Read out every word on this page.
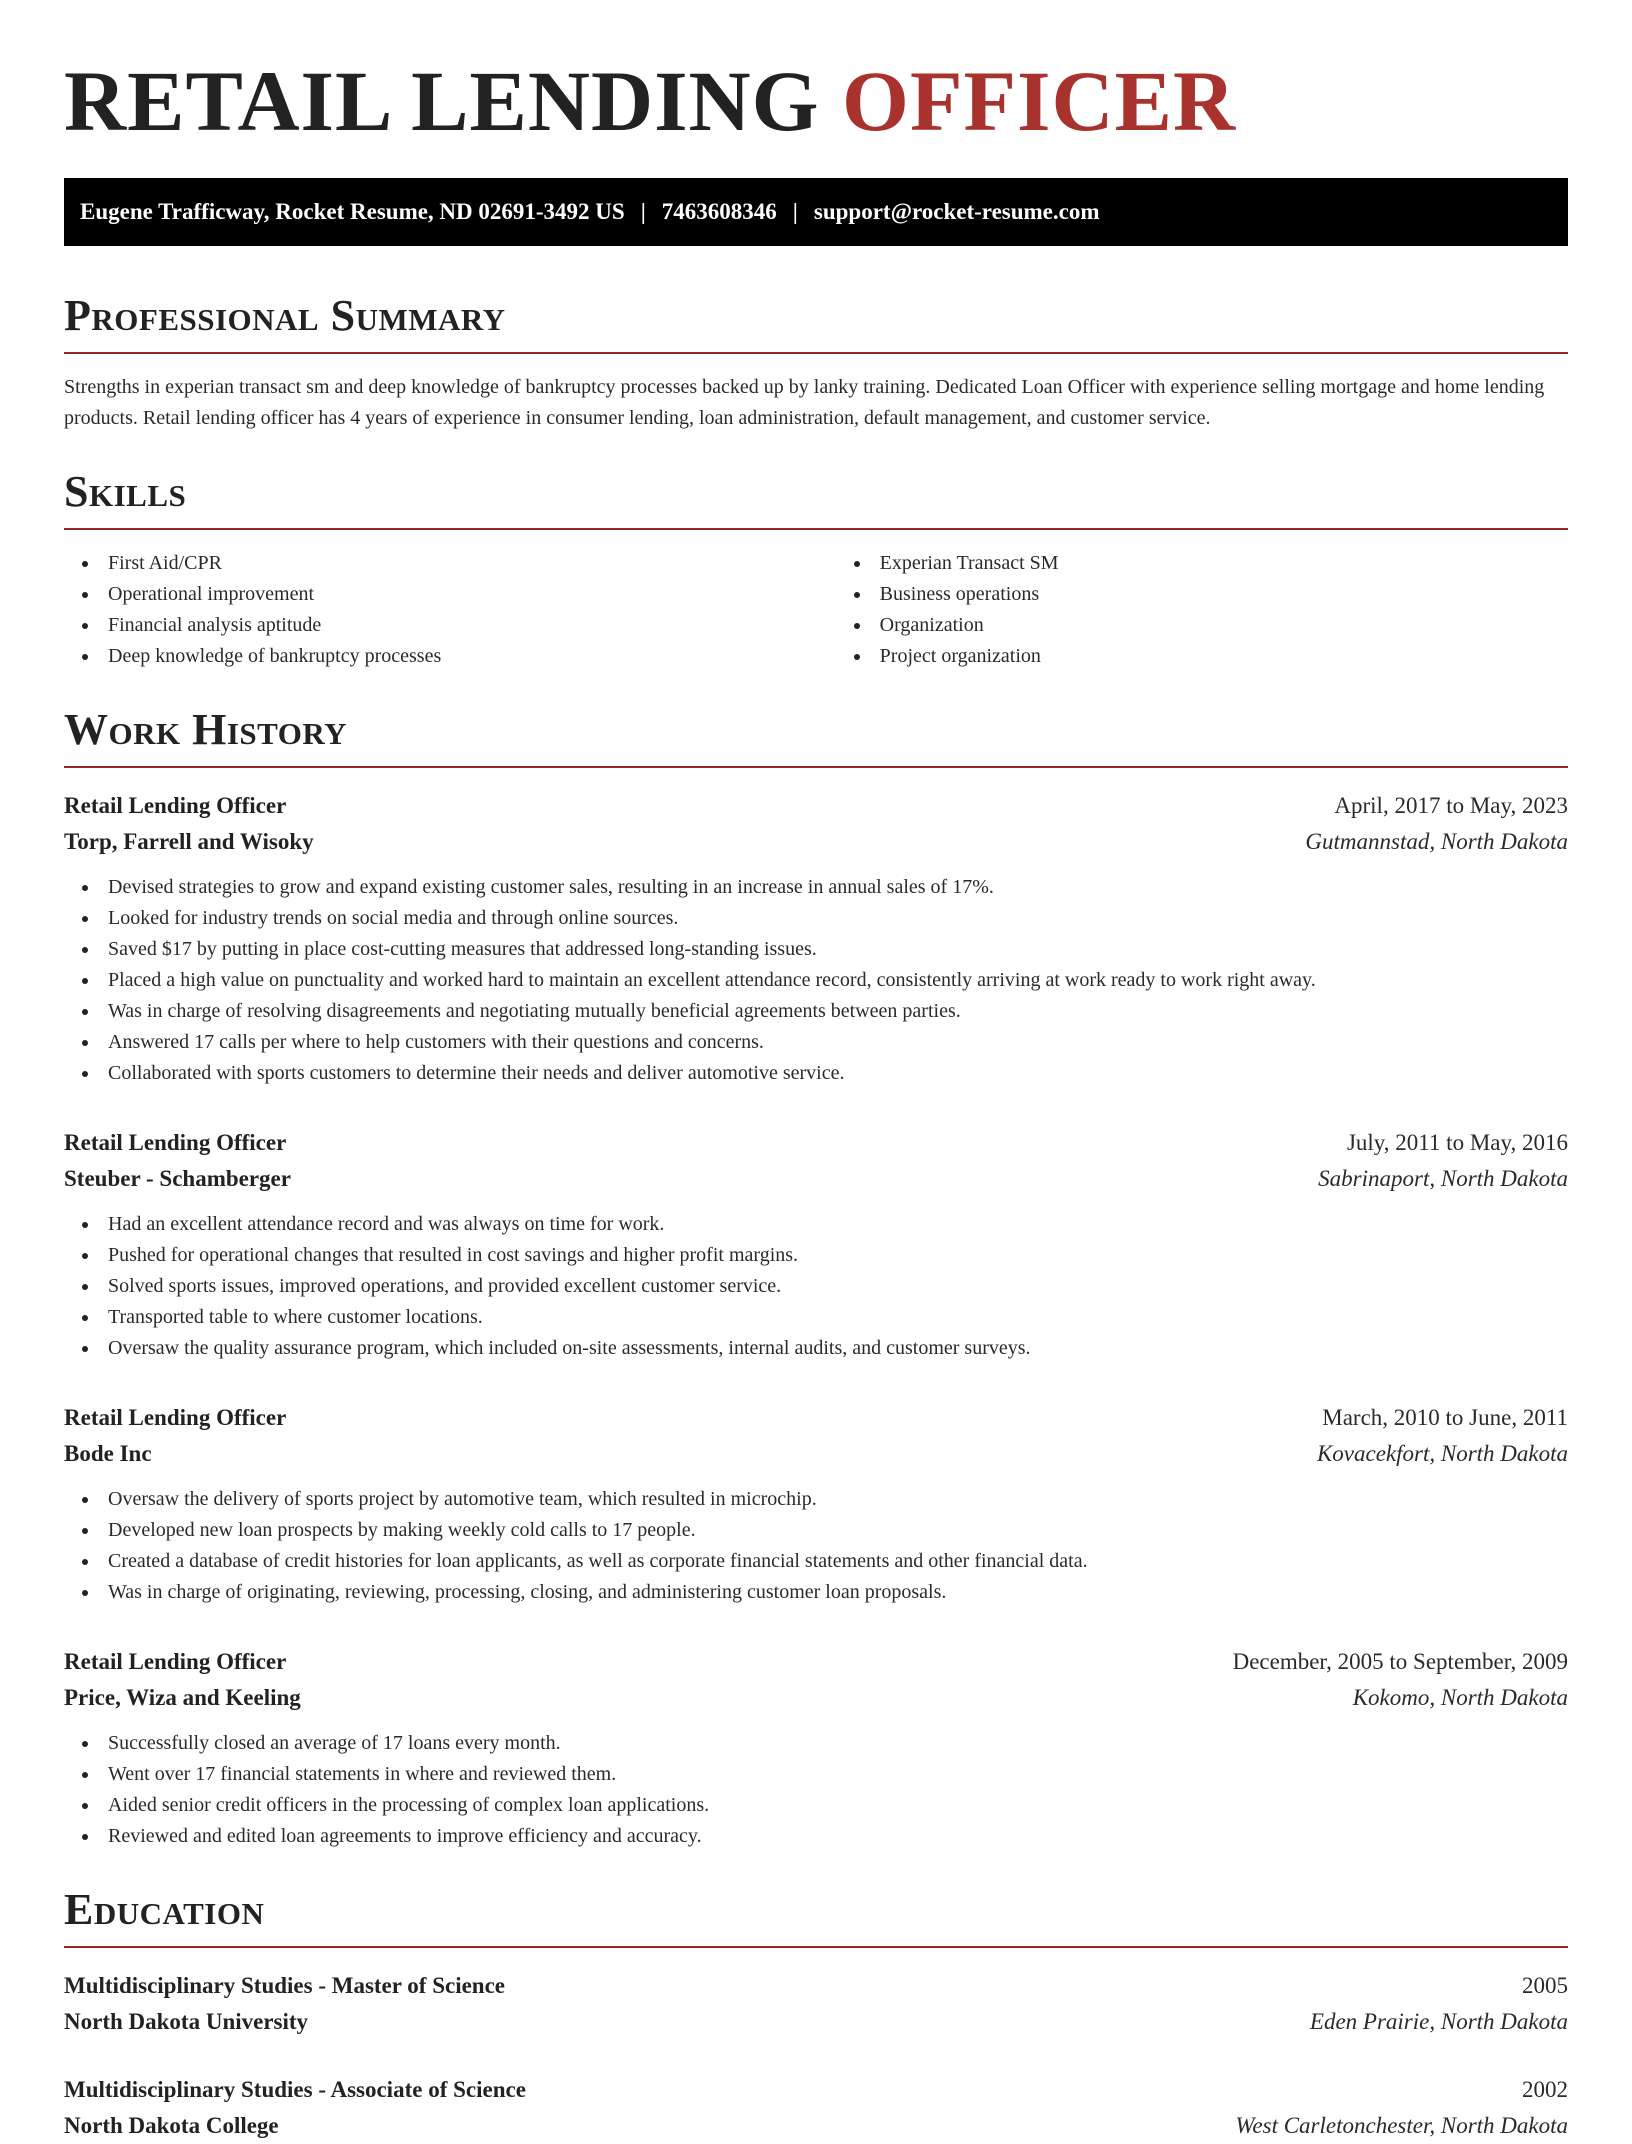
RETAIL LENDING OFFICER
Eugene Trafficway, Rocket Resume, ND 02691-3492 US | 7463608346 | support@rocket-resume.com
Professional Summary

Strengths in experian transact sm and deep knowledge of bankruptcy processes backed up by lanky training. Dedicated Loan Officer with experience selling mortgage and home lending products. Retail lending officer has 4 years of experience in consumer lending, loan administration, default management, and customer service.

Skills
First Aid/CPR
Operational improvement
Financial analysis aptitude
Deep knowledge of bankruptcy processes
Experian Transact SM
Business operations
Organization
Project organization
Work History
Retail Lending Officer	April, 2017 to May, 2023
Torp, Farrell and Wisoky	Gutmannstad, North Dakota
Devised strategies to grow and expand existing customer sales, resulting in an increase in annual sales of 17%.
Looked for industry trends on social media and through online sources.
Saved $17 by putting in place cost-cutting measures that addressed long-standing issues.
Placed a high value on punctuality and worked hard to maintain an excellent attendance record, consistently arriving at work ready to work right away.
Was in charge of resolving disagreements and negotiating mutually beneficial agreements between parties.
Answered 17 calls per where to help customers with their questions and concerns.
Collaborated with sports customers to determine their needs and deliver automotive service.
Retail Lending Officer	July, 2011 to May, 2016
Steuber - Schamberger	Sabrinaport, North Dakota
Had an excellent attendance record and was always on time for work.
Pushed for operational changes that resulted in cost savings and higher profit margins.
Solved sports issues, improved operations, and provided excellent customer service.
Transported table to where customer locations.
Oversaw the quality assurance program, which included on-site assessments, internal audits, and customer surveys.
Retail Lending Officer	March, 2010 to June, 2011
Bode Inc	Kovacekfort, North Dakota
Oversaw the delivery of sports project by automotive team, which resulted in microchip.
Developed new loan prospects by making weekly cold calls to 17 people.
Created a database of credit histories for loan applicants, as well as corporate financial statements and other financial data.
Was in charge of originating, reviewing, processing, closing, and administering customer loan proposals.
Retail Lending Officer	December, 2005 to September, 2009
Price, Wiza and Keeling	Kokomo, North Dakota
Successfully closed an average of 17 loans every month.
Went over 17 financial statements in where and reviewed them.
Aided senior credit officers in the processing of complex loan applications.
Reviewed and edited loan agreements to improve efficiency and accuracy.
Education
Multidisciplinary Studies - Master of Science	2005
North Dakota University	Eden Prairie, North Dakota
Multidisciplinary Studies - Associate of Science	2002
North Dakota College	West Carletonchester, North Dakota
